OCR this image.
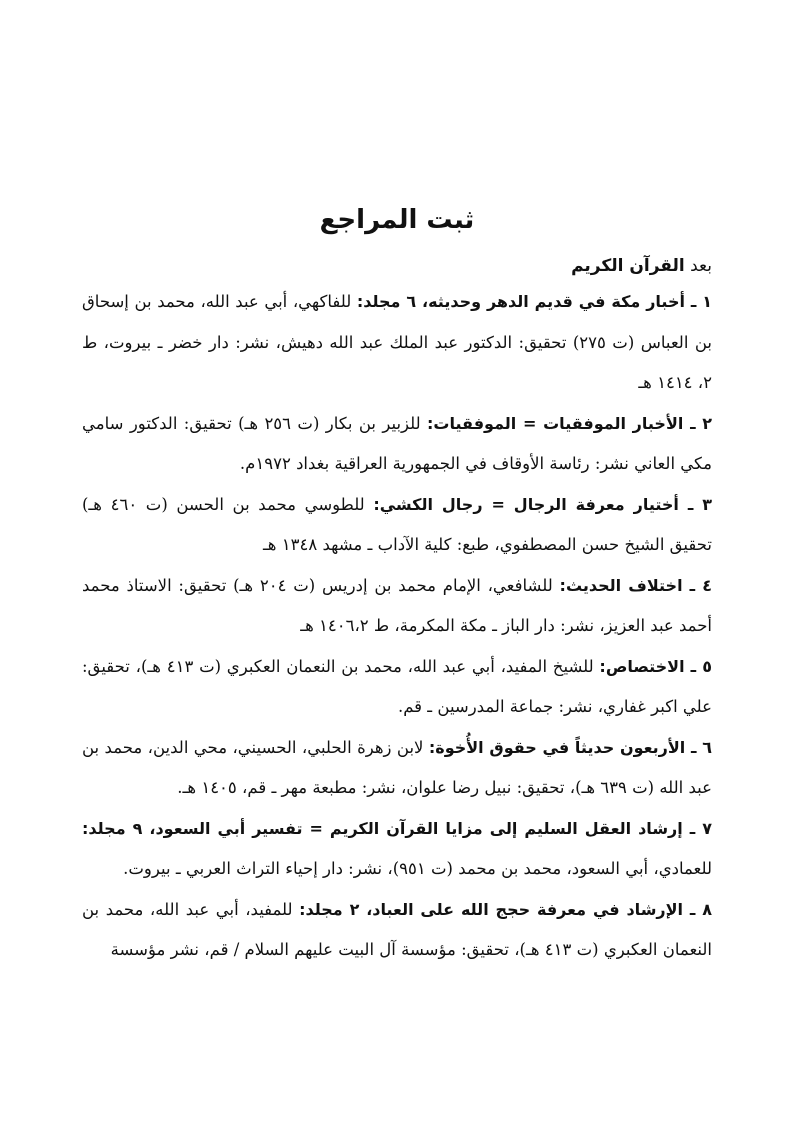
ثبت المراجع

بعد القرآن الكريم

١ ـ أخبار مكة في قديم الدهر وحديثه، ٦ مجلد: للفاكهي، أبي عبد الله، محمد بن إسحاق بن العباس (ت ٢٧٥) تحقيق: الدكتور عبد الملك عبد الله دهيش، نشر: دار خضر ـ بيروت، ط ٢، ١٤١٤ هـ

٢ ـ الأخبار الموفقيات = الموفقيات: للزبير بن بكار (ت ٢٥٦ هـ) تحقيق: الدكتور سامي مكي العاني نشر: رئاسة الأوقاف في الجمهورية العراقية بغداد ١٩٧٢م.

٣ ـ أختيار معرفة الرجال = رجال الكشي: للطوسي محمد بن الحسن (ت ٤٦٠ هـ) تحقيق الشيخ حسن المصطفوي، طبع: كلية الآداب ـ مشهد ١٣٤٨ هـ

٤ ـ اختلاف الحديث: للشافعي، الإمام محمد بن إدريس (ت ٢٠٤ هـ) تحقيق: الاستاذ محمد أحمد عبد العزيز، نشر: دار الباز ـ مكة المكرمة، ط ١٤٠٦،٢ هـ

٥ ـ الاختصاص: للشيخ المفيد، أبي عبد الله، محمد بن النعمان العكبري (ت ٤١٣ هـ)، تحقيق: علي اكبر غفاري، نشر: جماعة المدرسين ـ قم.

٦ ـ الأربعون حديثاً في حقوق الأُخوة: لابن زهرة الحلبي، الحسيني، محي الدين، محمد بن عبد الله (ت ٦٣٩ هـ)، تحقيق: نبيل رضا علوان، نشر: مطبعة مهر ـ قم، ١٤٠٥ هـ.

٧ ـ إرشاد العقل السليم إلى مزايا القرآن الكريم = تفسير أبي السعود، ٩ مجلد: للعمادي، أبي السعود، محمد بن محمد (ت ٩٥١)، نشر: دار إحياء التراث العربي ـ بيروت.

٨ ـ الإرشاد في معرفة حجج الله على العباد، ٢ مجلد: للمفيد، أبي عبد الله، محمد بن النعمان العكبري (ت ٤١٣ هـ)، تحقيق: مؤسسة آل البيت عليهم السلام / قم، نشر مؤسسة
